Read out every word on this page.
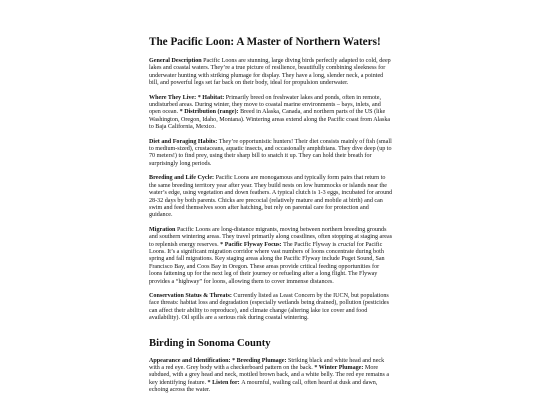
The Pacific Loon: A Master of Northern Waters!

General Description Pacific Loons are stunning, large diving birds perfectly adapted to cold, deep lakes and coastal waters. They’re a true picture of resilience, beautifully combining sleekness for underwater hunting with striking plumage for display. They have a long, slender neck, a pointed bill, and powerful legs set far back on their body, ideal for propulsion underwater.

Where They Live: * Habitat: Primarily breed on freshwater lakes and ponds, often in remote, undisturbed areas. During winter, they move to coastal marine environments – bays, inlets, and open ocean. * Distribution (range): Breed in Alaska, Canada, and northern parts of the US (like Washington, Oregon, Idaho, Montana). Wintering areas extend along the Pacific coast from Alaska to Baja California, Mexico.

Diet and Foraging Habits: They’re opportunistic hunters! Their diet consists mainly of fish (small to medium-sized), crustaceans, aquatic insects, and occasionally amphibians. They dive deep (up to 70 meters!) to find prey, using their sharp bill to snatch it up. They can hold their breath for surprisingly long periods.

Breeding and Life Cycle: Pacific Loons are monogamous and typically form pairs that return to the same breeding territory year after year. They build nests on low hummocks or islands near the water’s edge, using vegetation and down feathers. A typical clutch is 1-3 eggs, incubated for around 28-32 days by both parents. Chicks are precocial (relatively mature and mobile at birth) and can swim and feed themselves soon after hatching, but rely on parental care for protection and guidance.

Migration Pacific Loons are long-distance migrants, moving between northern breeding grounds and southern wintering areas. They travel primarily along coastlines, often stopping at staging areas to replenish energy reserves. * Pacific Flyway Focus: The Pacific Flyway is crucial for Pacific Loons. It’s a significant migration corridor where vast numbers of loons concentrate during both spring and fall migrations. Key staging areas along the Pacific Flyway include Puget Sound, San Francisco Bay, and Coos Bay in Oregon. These areas provide critical feeding opportunities for loons fattening up for the next leg of their journey or refueling after a long flight. The Flyway provides a “highway” for loons, allowing them to cover immense distances.

Conservation Status & Threats: Currently listed as Least Concern by the IUCN, but populations face threats: habitat loss and degradation (especially wetlands being drained), pollution (pesticides can affect their ability to reproduce), and climate change (altering lake ice cover and food availability). Oil spills are a serious risk during coastal wintering.

Birding in Sonoma County

Appearance and Identification: * Breeding Plumage: Striking black and white head and neck with a red eye. Grey body with a checkerboard pattern on the back. * Winter Plumage: More subdued, with a grey head and neck, mottled brown back, and a white belly. The red eye remains a key identifying feature. * Listen for: A mournful, wailing call, often heard at dusk and dawn, echoing across the water.
